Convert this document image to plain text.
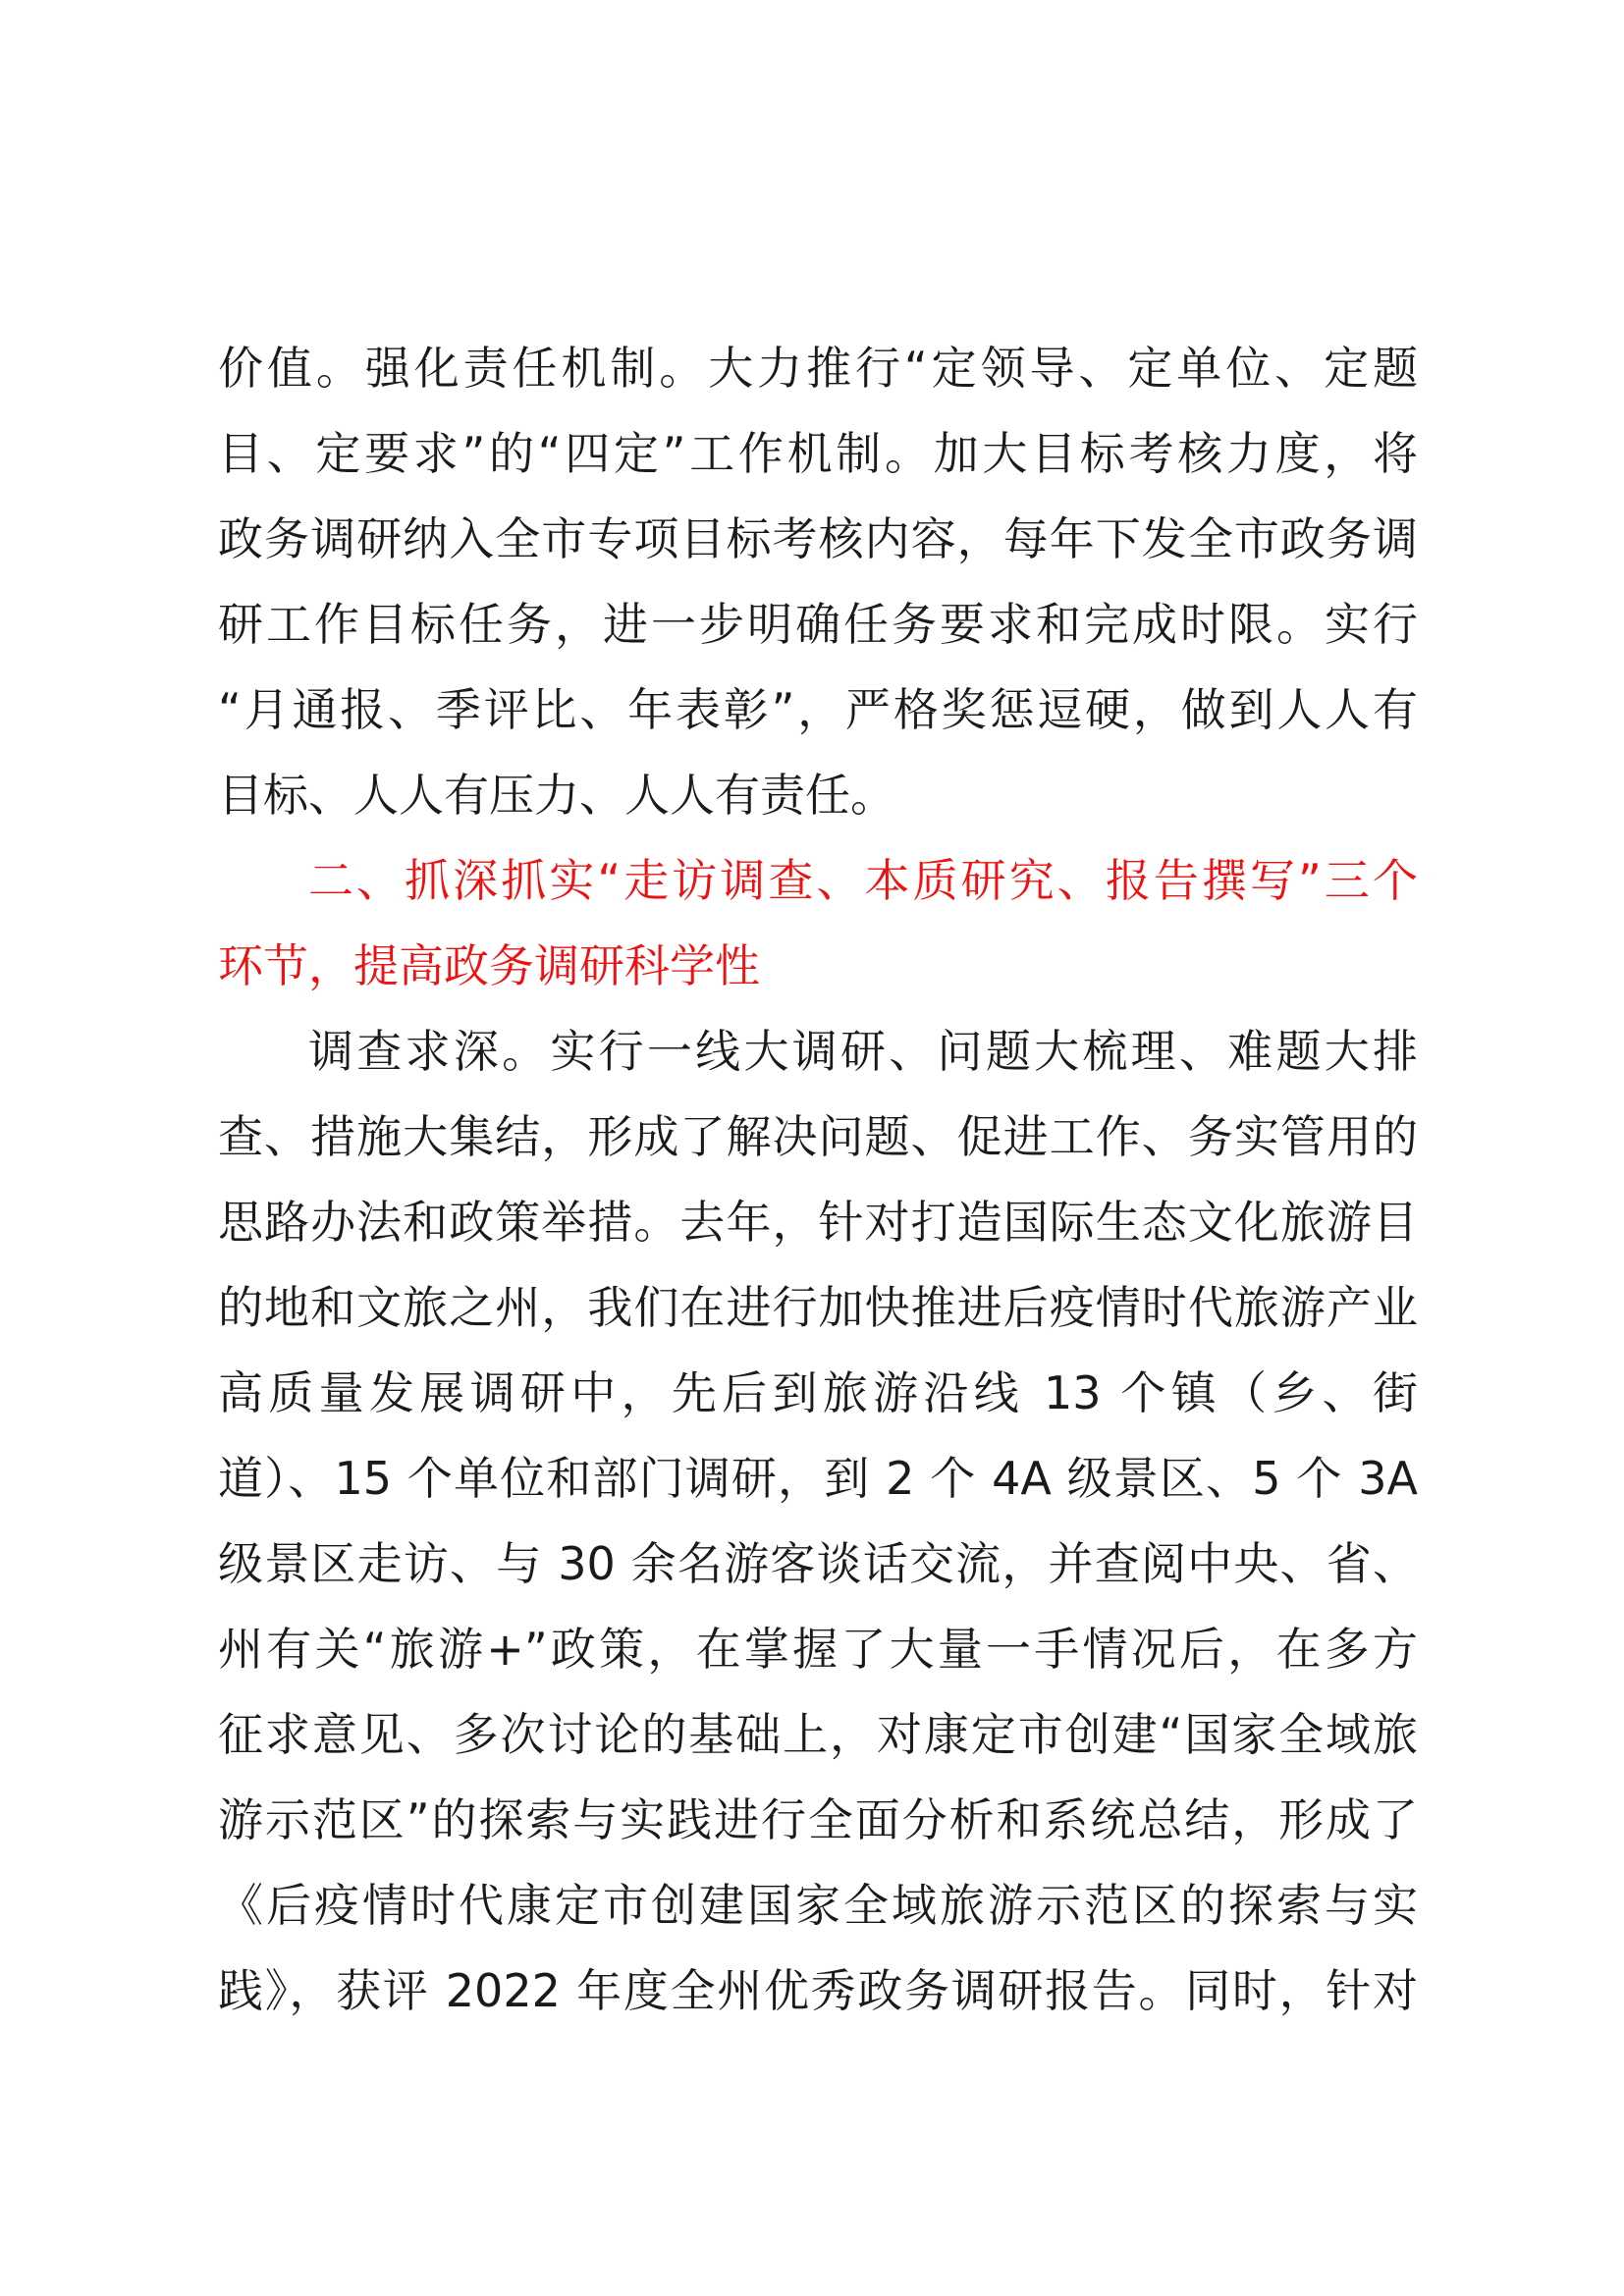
价值。强化责任机制。大力推行“定领导、定单位、定题
目、定要求”的“四定”工作机制。加大目标考核力度，将
政务调研纳入全市专项目标考核内容，每年下发全市政务调
研工作目标任务，进一步明确任务要求和完成时限。实行
“月通报、季评比、年表彰”，严格奖惩逗硬，做到人人有
目标、人人有压力、人人有责任。
二、抓深抓实“走访调查、本质研究、报告撰写”三个
环节，提高政务调研科学性
调查求深。实行一线大调研、问题大梳理、难题大排
查、措施大集结，形成了解决问题、促进工作、务实管用的
思路办法和政策举措。去年，针对打造国际生态文化旅游目
的地和文旅之州，我们在进行加快推进后疫情时代旅游产业
高质量发展调研中，先后到旅游沿线 13 个镇（乡、街
道）、15 个单位和部门调研，到 2 个 4A 级景区、5 个 3A
级景区走访、与 30 余名游客谈话交流，并查阅中央、省、
州有关“旅游+”政策，在掌握了大量一手情况后，在多方
征求意见、多次讨论的基础上，对康定市创建“国家全域旅
游示范区”的探索与实践进行全面分析和系统总结，形成了
《后疫情时代康定市创建国家全域旅游示范区的探索与实
践》，获评 2022 年度全州优秀政务调研报告。同时，针对
